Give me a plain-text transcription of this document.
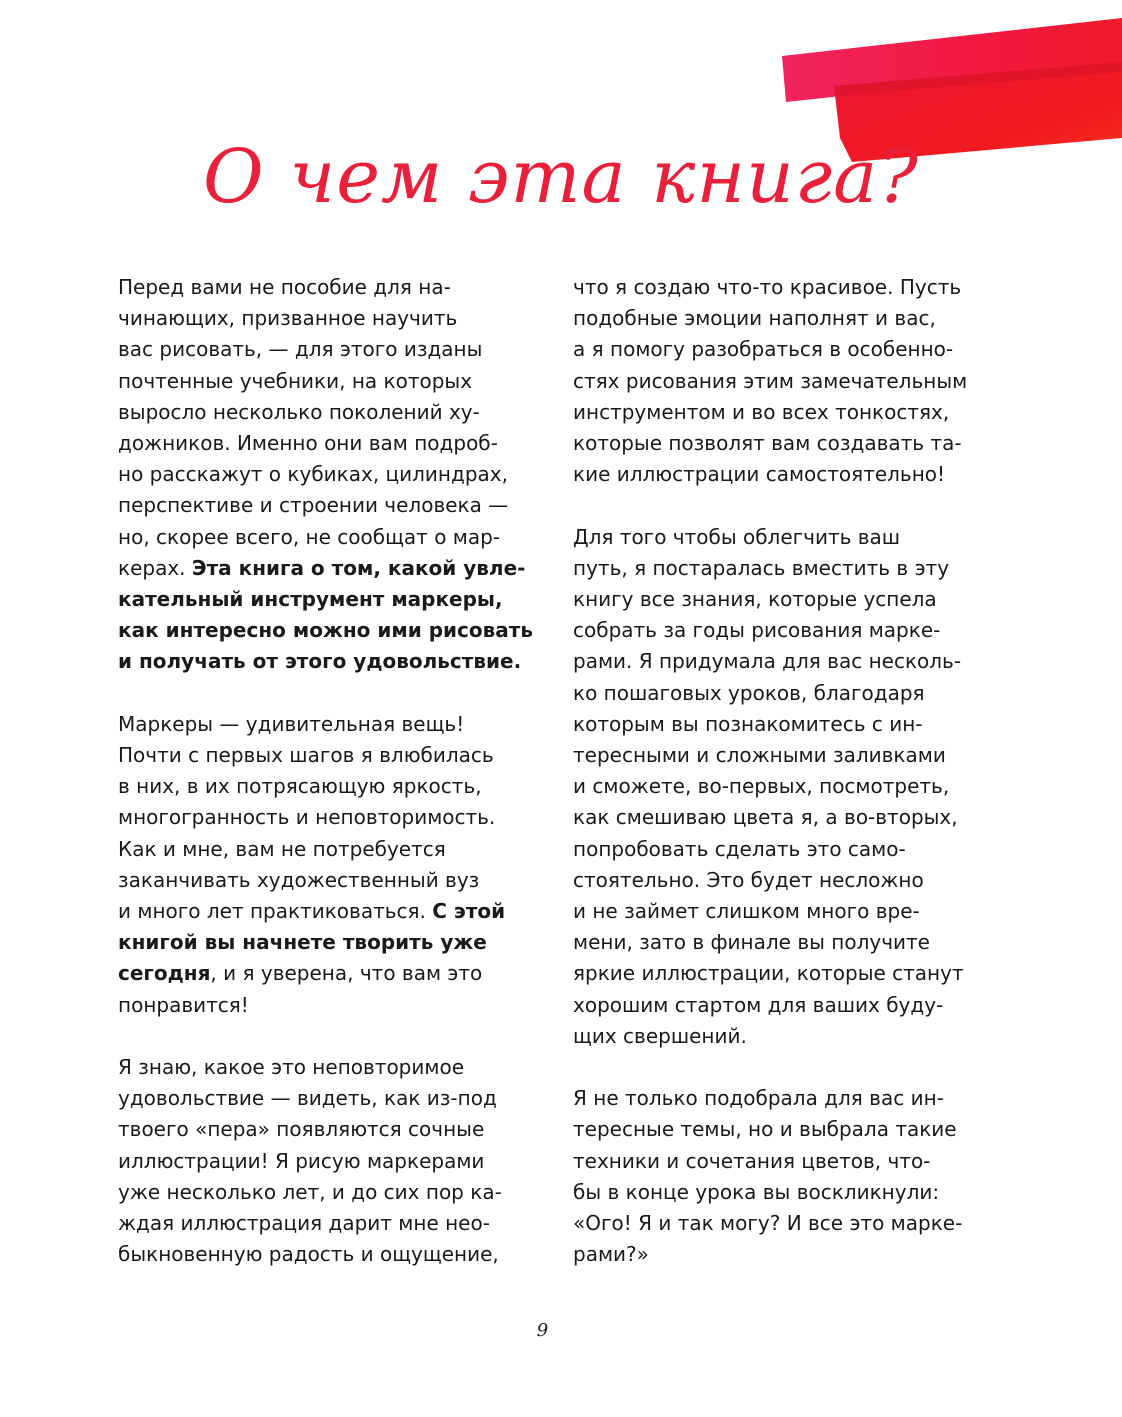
О чем эта книга?

Перед вами не пособие для на-
чинающих, призванное научить
вас рисовать, — для этого изданы
почтенные учебники, на которых
выросло несколько поколений ху-
дожников. Именно они вам подроб-
но расскажут о кубиках, цилиндрах,
перспективе и строении человека —
но, скорее всего, не сообщат о мар-
керах. Эта книга о том, какой увле-
кательный инструмент маркеры,
как интересно можно ими рисовать
и получать от этого удовольствие.

Маркеры — удивительная вещь!
Почти с первых шагов я влюбилась
в них, в их потрясающую яркость,
многогранность и неповторимость.
Как и мне, вам не потребуется
заканчивать художественный вуз
и много лет практиковаться. С этой
книгой вы начнете творить уже
сегодня, и я уверена, что вам это
понравится!

Я знаю, какое это неповторимое
удовольствие — видеть, как из-под
твоего «пера» появляются сочные
иллюстрации! Я рисую маркерами
уже несколько лет, и до сих пор ка-
ждая иллюстрация дарит мне нео-
быкновенную радость и ощущение,

что я создаю что-то красивое. Пусть
подобные эмоции наполнят и вас,
а я помогу разобраться в особенно-
стях рисования этим замечательным
инструментом и во всех тонкостях,
которые позволят вам создавать та-
кие иллюстрации самостоятельно!

Для того чтобы облегчить ваш
путь, я постаралась вместить в эту
книгу все знания, которые успела
собрать за годы рисования марке-
рами. Я придумала для вас несколь-
ко пошаговых уроков, благодаря
которым вы познакомитесь с ин-
тересными и сложными заливками
и сможете, во-первых, посмотреть,
как смешиваю цвета я, а во-вторых,
попробовать сделать это само-
стоятельно. Это будет несложно
и не займет слишком много вре-
мени, зато в финале вы получите
яркие иллюстрации, которые станут
хорошим стартом для ваших буду-
щих свершений.

Я не только подобрала для вас ин-
тересные темы, но и выбрала такие
техники и сочетания цветов, что-
бы в конце урока вы воскликнули:
«Ого! Я и так могу? И все это марке-
рами?»

9
